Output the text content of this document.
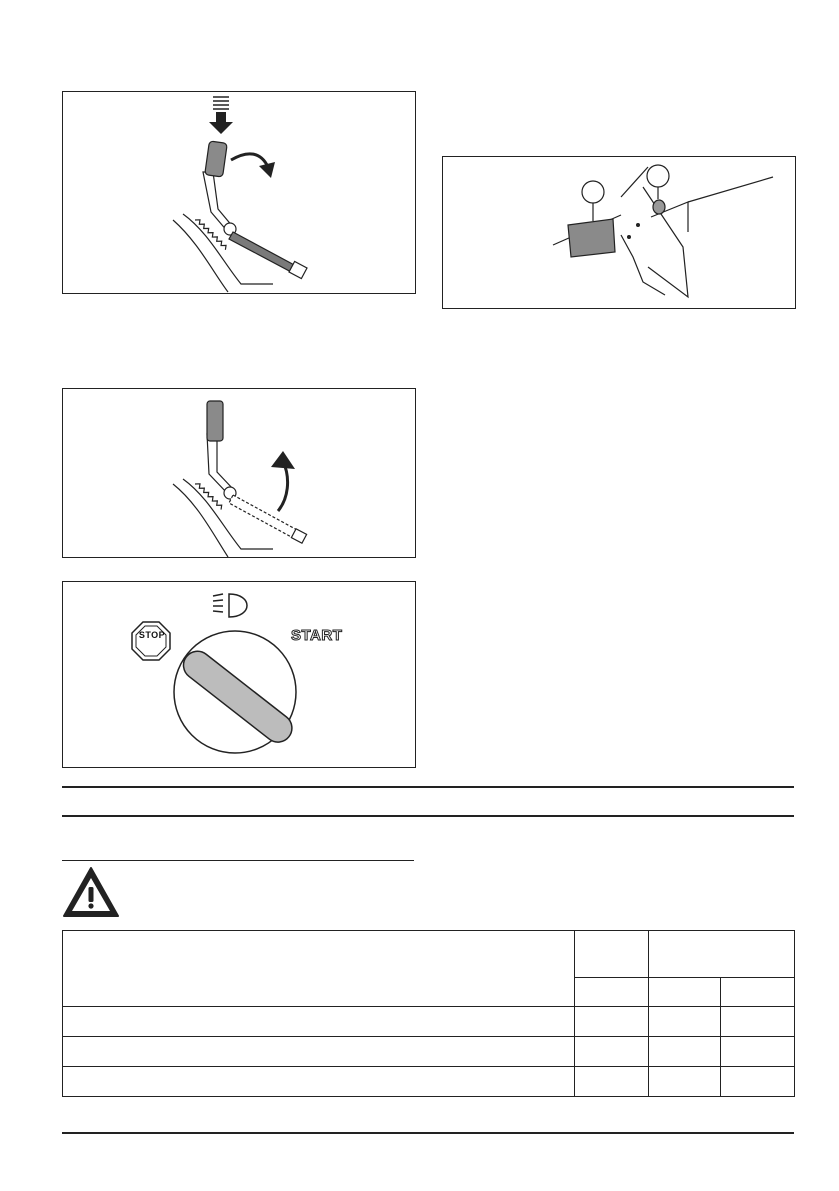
STOP	START
